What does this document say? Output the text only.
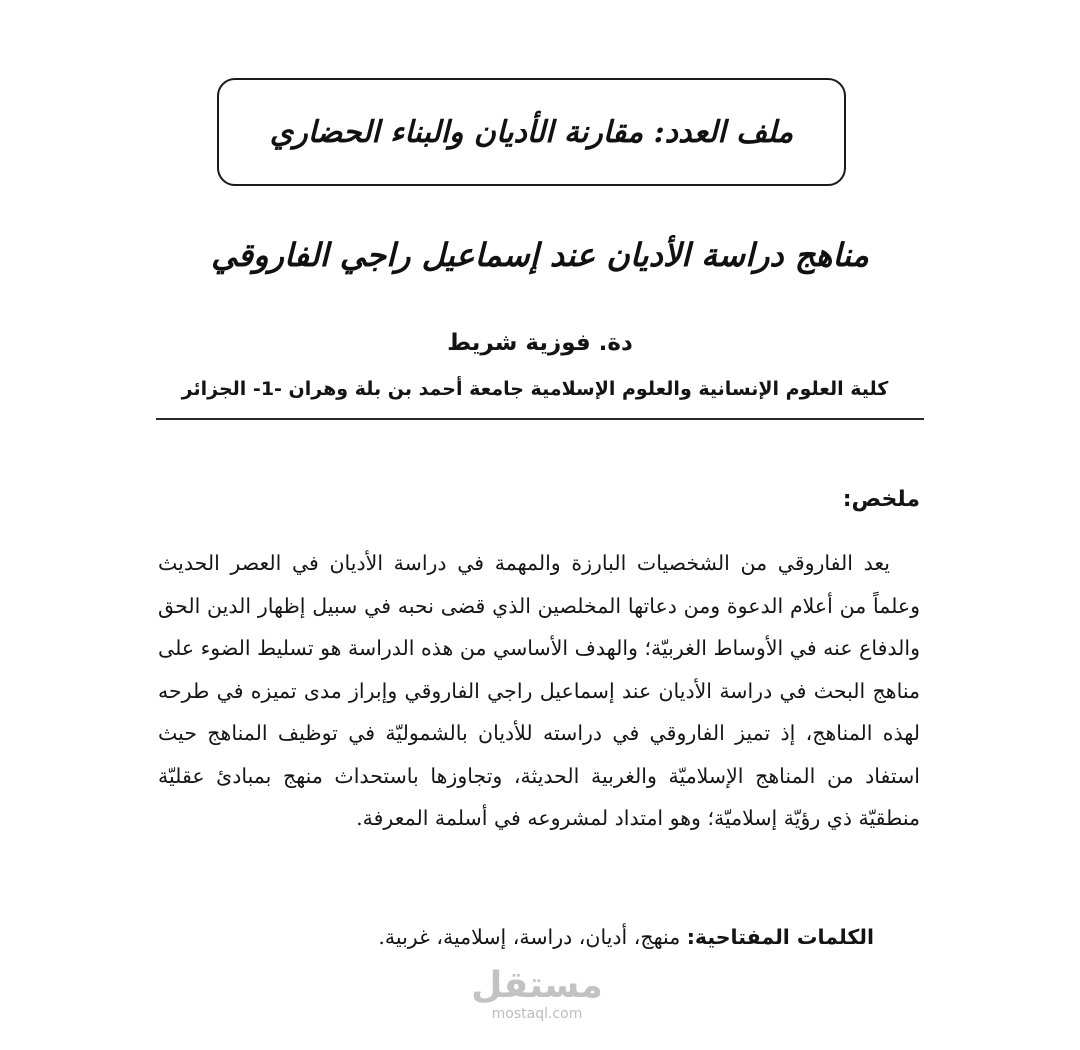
ملف العدد: مقارنة الأديان والبناء الحضاري
مناهج دراسة الأديان عند إسماعيل راجي الفاروقي
دة. فوزية شريط
كلية العلوم الإنسانية والعلوم الإسلامية جامعة أحمد بن بلة وهران -1- الجزائر
ملخص:

يعد الفاروقي من الشخصيات البارزة والمهمة في دراسة الأديان في العصر الحديث وعلماً من أعلام الدعوة ومن دعاتها المخلصين الذي قضى نحبه في سبيل إظهار الدين الحق والدفاع عنه في الأوساط الغربيّة؛ والهدف الأساسي من هذه الدراسة هو تسليط الضوء على مناهج البحث في دراسة الأديان عند إسماعيل راجي الفاروقي وإبراز مدى تميزه في طرحه لهذه المناهج، إذ تميز الفاروقي في دراسته للأديان بالشموليّة في توظيف المناهج حيث استفاد من المناهج الإسلاميّة والغربية الحديثة، وتجاوزها باستحداث منهج بمبادئ عقليّة منطقيّة ذي رؤيّة إسلاميّة؛ وهو امتداد لمشروعه في أسلمة المعرفة.

الكلمات المفتاحية: منهج، أديان، دراسة، إسلامية، غربية.
مستقل
mostaql.com
